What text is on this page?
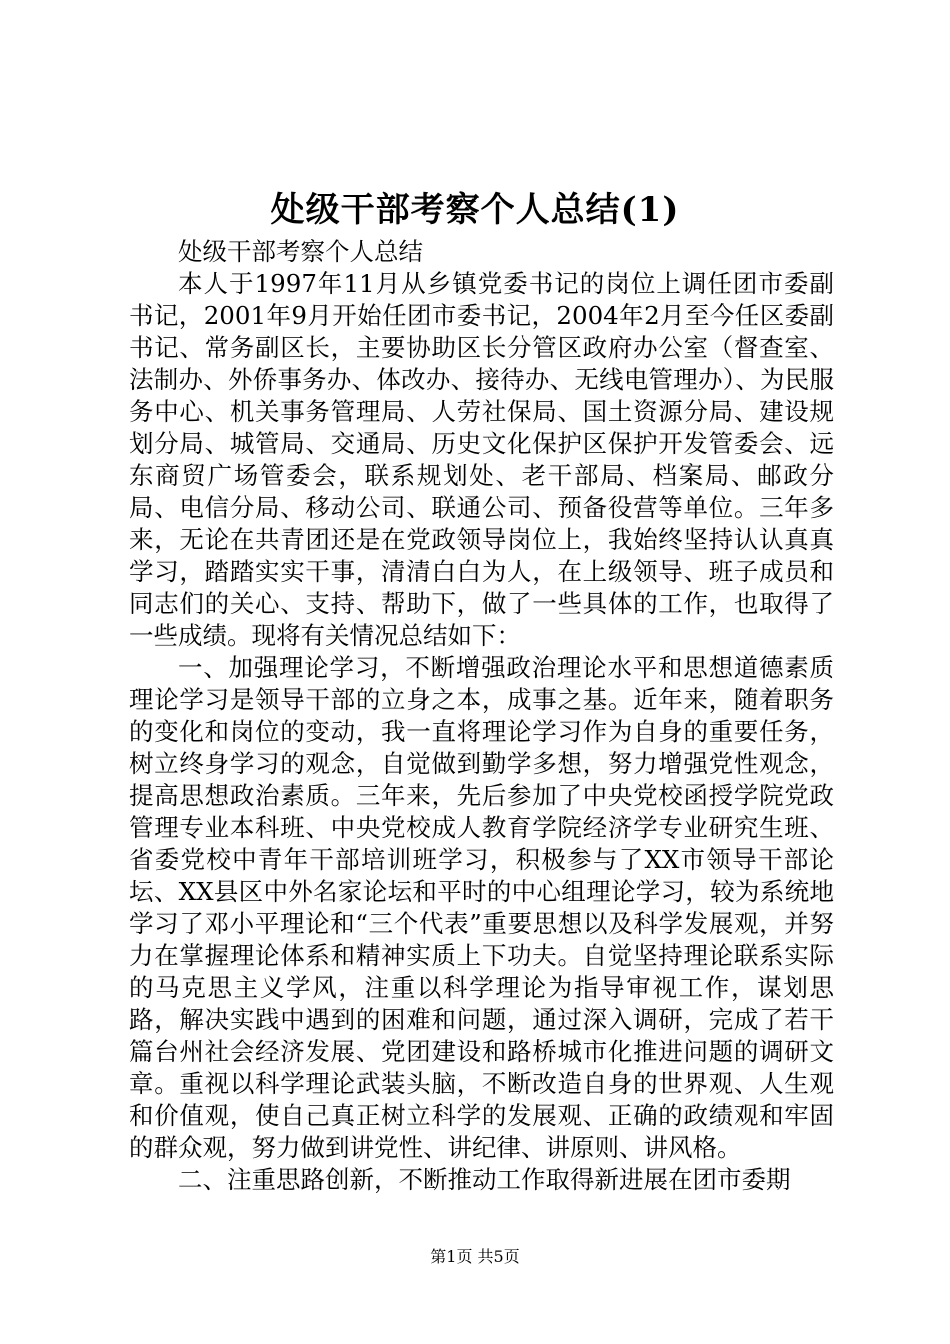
处级干部考察个人总结(1)

处级干部考察个人总结

本人于1997年11月从乡镇党委书记的岗位上调任团市委副书记，2001年9月开始任团市委书记，2004年2月至今任区委副书记、常务副区长，主要协助区长分管区政府办公室（督查室、法制办、外侨事务办、体改办、接待办、无线电管理办）、为民服务中心、机关事务管理局、人劳社保局、国土资源分局、建设规划分局、城管局、交通局、历史文化保护区保护开发管委会、远东商贸广场管委会，联系规划处、老干部局、档案局、邮政分局、电信分局、移动公司、联通公司、预备役营等单位。三年多来，无论在共青团还是在党政领导岗位上，我始终坚持认认真真学习，踏踏实实干事，清清白白为人，在上级领导、班子成员和同志们的关心、支持、帮助下，做了一些具体的工作，也取得了一些成绩。现将有关情况总结如下：

一、加强理论学习，不断增强政治理论水平和思想道德素质理论学习是领导干部的立身之本，成事之基。近年来，随着职务的变化和岗位的变动，我一直将理论学习作为自身的重要任务，树立终身学习的观念，自觉做到勤学多想，努力增强党性观念，提高思想政治素质。三年来，先后参加了中央党校函授学院党政管理专业本科班、中央党校成人教育学院经济学专业研究生班、省委党校中青年干部培训班学习，积极参与了XX市领导干部论坛、XX县区中外名家论坛和平时的中心组理论学习，较为系统地学习了邓小平理论和“三个代表”重要思想以及科学发展观，并努力在掌握理论体系和精神实质上下功夫。自觉坚持理论联系实际的马克思主义学风，注重以科学理论为指导审视工作，谋划思路，解决实践中遇到的困难和问题，通过深入调研，完成了若干篇台州社会经济发展、党团建设和路桥城市化推进问题的调研文章。重视以科学理论武装头脑，不断改造自身的世界观、人生观和价值观，使自己真正树立科学的发展观、正确的政绩观和牢固的群众观，努力做到讲党性、讲纪律、讲原则、讲风格。

二、注重思路创新，不断推动工作取得新进展在团市委期

第1页 共5页
